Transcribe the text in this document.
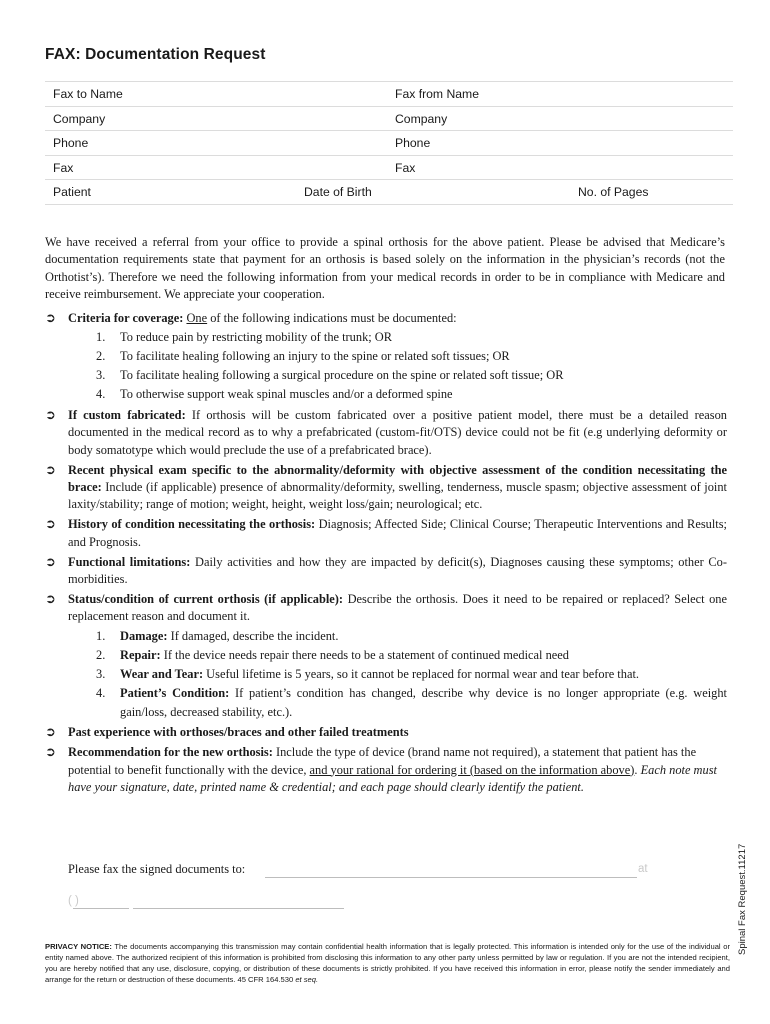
FAX: Documentation Request
Fax to Name	Fax from Name
Company	Company
Phone	Phone
Fax	Fax
Patient	Date of Birth	No. of Pages
We have received a referral from your office to provide a spinal orthosis for the above patient. Please be advised that Medicare’s documentation requirements state that payment for an orthosis is based solely on the information in the physician’s records (not the Orthotist’s). Therefore we need the following information from your medical records in order to be in compliance with Medicare and receive reimbursement. We appreciate your cooperation.
➲ Criteria for coverage: One of the following indications must be documented:
1. To reduce pain by restricting mobility of the trunk; OR
2. To facilitate healing following an injury to the spine or related soft tissues; OR
3. To facilitate healing following a surgical procedure on the spine or related soft tissue; OR
4. To otherwise support weak spinal muscles and/or a deformed spine
➲ If custom fabricated: If orthosis will be custom fabricated over a positive patient model, there must be a detailed reason documented in the medical record as to why a prefabricated (custom-fit/OTS) device could not be fit (e.g underlying deformity or body somatotype which would preclude the use of a prefabricated brace).
➲ Recent physical exam specific to the abnormality/deformity with objective assessment of the condition necessitating the brace: Include (if applicable) presence of abnormality/deformity, swelling, tenderness, muscle spasm; objective assessment of joint laxity/stability; range of motion; weight, height, weight loss/gain; neurological; etc.
➲ History of condition necessitating the orthosis: Diagnosis; Affected Side; Clinical Course; Therapeutic Interventions and Results; and Prognosis.
➲ Functional limitations: Daily activities and how they are impacted by deficit(s), Diagnoses causing these symptoms; other Co-morbidities.
➲ Status/condition of current orthosis (if applicable): Describe the orthosis. Does it need to be repaired or replaced? Select one replacement reason and document it.
1. Damage: If damaged, describe the incident.
2. Repair: If the device needs repair there needs to be a statement of continued medical need
3. Wear and Tear: Useful lifetime is 5 years, so it cannot be replaced for normal wear and tear before that.
4. Patient’s Condition: If patient’s condition has changed, describe why device is no longer appropriate (e.g. weight gain/loss, decreased stability, etc.).
➲ Past experience with orthoses/braces and other failed treatments
➲ Recommendation for the new orthosis: Include the type of device (brand name not required), a statement that patient has the potential to benefit functionally with the device, and your rational for ordering it (based on the information above). Each note must have your signature, date, printed name & credential; and each page should clearly identify the patient.
Please fax the signed documents to:	at
( )
PRIVACY NOTICE: The documents accompanying this transmission may contain confidential health information that is legally protected. This information is intended only for the use of the individual or entity named above. The authorized recipient of this information is prohibited from disclosing this information to any other party unless permitted by law or regulation. If you are not the intended recipient, you are hereby notified that any use, disclosure, copying, or distribution of these documents is strictly prohibited. If you have received this information in error, please notify the sender immediately and arrange for the return or destruction of these documents. 45 CFR 164.530 et seq.
Spinal Fax Request.11217
